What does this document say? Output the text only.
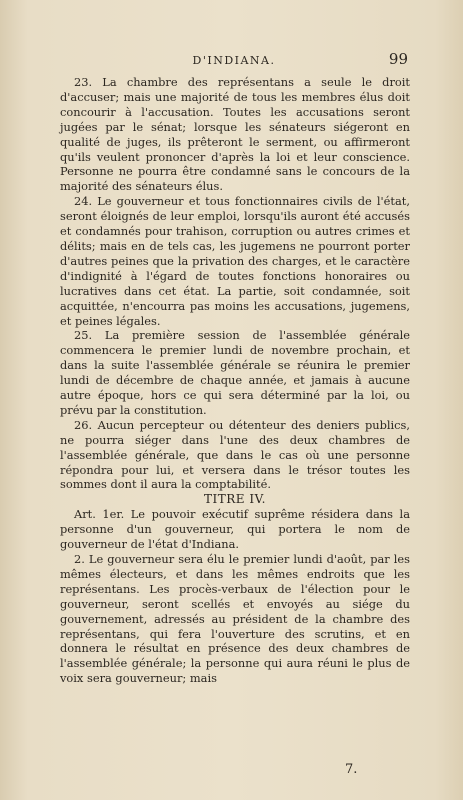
D'INDIANA.	99

23. La chambre des représentans a seule le droit d'accuser; mais une majorité de tous les membres élus doit concourir à l'accusation. Toutes les accusations seront jugées par le sénat; lorsque les sénateurs siégeront en qualité de juges, ils prêteront le serment, ou affirmeront qu'ils veulent prononcer d'après la loi et leur conscience. Personne ne pourra être condamné sans le concours de la majorité des sénateurs élus.

24. Le gouverneur et tous fonctionnaires civils de l'état, seront éloignés de leur emploi, lorsqu'ils auront été accusés et condamnés pour trahison, corruption ou autres crimes et délits; mais en de tels cas, les jugemens ne pourront porter d'autres peines que la privation des charges, et le caractère d'indignité à l'égard de toutes fonctions honoraires ou lucratives dans cet état. La partie, soit condamnée, soit acquittée, n'encourra pas moins les accusations, jugemens, et peines légales.

25. La première session de l'assemblée générale commencera le premier lundi de novembre prochain, et dans la suite l'assemblée générale se réunira le premier lundi de décembre de chaque année, et jamais à aucune autre époque, hors ce qui sera déterminé par la loi, ou prévu par la constitution.

26. Aucun percepteur ou détenteur des deniers publics, ne pourra siéger dans l'une des deux chambres de l'assemblée générale, que dans le cas où une personne répondra pour lui, et versera dans le trésor toutes les sommes dont il aura la comptabilité.

TITRE IV.

Art. 1er. Le pouvoir exécutif suprême résidera dans la personne d'un gouverneur, qui portera le nom de gouverneur de l'état d'Indiana.

2. Le gouverneur sera élu le premier lundi d'août, par les mêmes électeurs, et dans les mêmes endroits que les représentans. Les procès-verbaux de l'élection pour le gouverneur, seront scellés et envoyés au siége du gouvernement, adressés au président de la chambre des représentans, qui fera l'ouverture des scrutins, et en donnera le résultat en présence des deux chambres de l'assemblée générale; la personne qui aura réuni le plus de voix sera gouverneur; mais

7.
